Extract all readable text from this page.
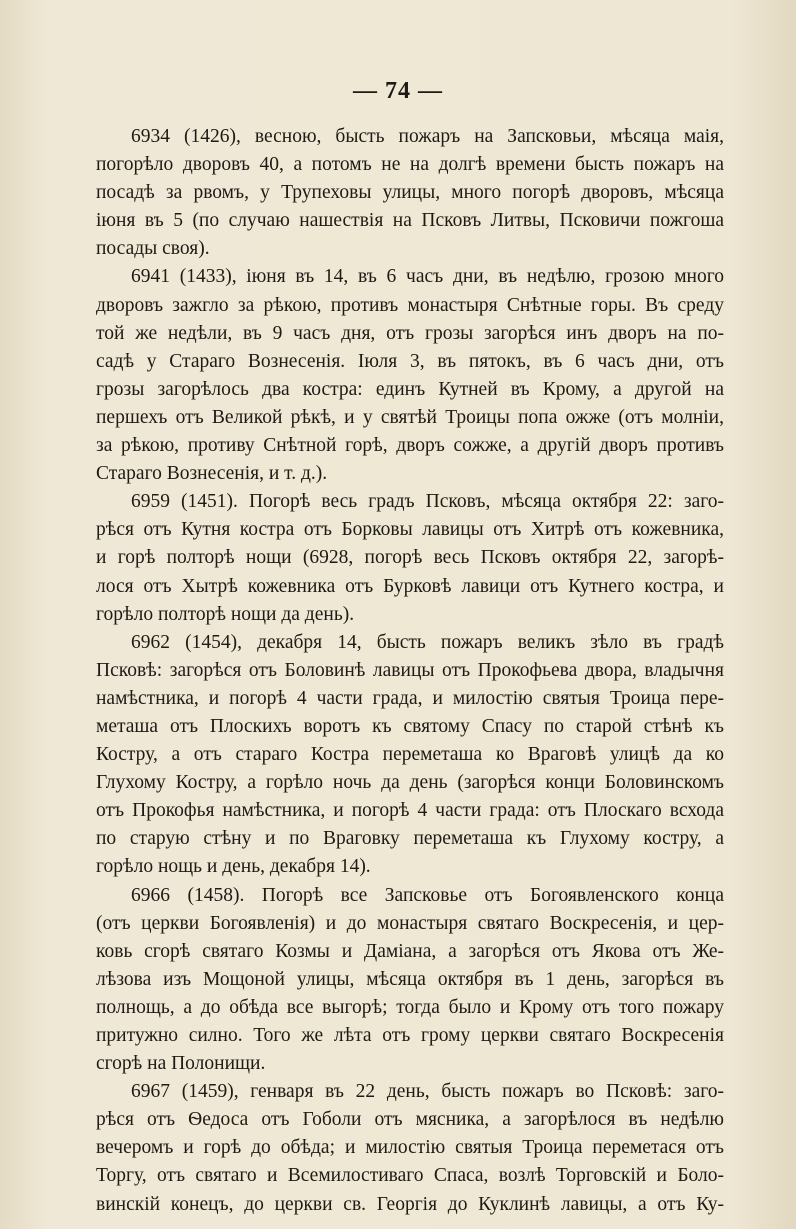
— 74 —
6934 (1426), весною, бысть пожаръ на Запсковьи, мѣсяца маія,
погорѣло дворовъ 40, а потомъ не на долгѣ времени бысть пожаръ на
посадѣ за рвомъ, у Трупеховы улицы, много погорѣ дворовъ, мѣсяца
іюня въ 5 (по случаю нашествія на Псковъ Литвы, Псковичи пожгоша
посады своя).
6941 (1433), іюня въ 14, въ 6 часъ дни, въ недѣлю, грозою много
дворовъ зажгло за рѣкою, противъ монастыря Снѣтные горы. Въ среду
той же недѣли, въ 9 часъ дня, отъ грозы загорѣся инъ дворъ на по-
садѣ у Стараго Вознесенія. Іюля 3, въ пятокъ, въ 6 часъ дни, отъ
грозы загорѣлось два костра: единъ Кутней въ Крому, а другой на
першехъ отъ Великой рѣкѣ, и у святѣй Троицы попа ожже (отъ молніи,
за рѣкою, противу Снѣтной горѣ, дворъ сожже, а другій дворъ противъ
Стараго Вознесенія, и т. д.).
6959 (1451). Погорѣ весь градъ Псковъ, мѣсяца октября 22: заго-
рѣся отъ Кутня костра отъ Борковы лавицы отъ Хитрѣ отъ кожевника,
и горѣ полторѣ нощи (6928, погорѣ весь Псковъ октября 22, загорѣ-
лося отъ Хытрѣ кожевника отъ Бурковѣ лавици отъ Кутнего костра, и
горѣло полторѣ нощи да день).
6962 (1454), декабря 14, бысть пожаръ великъ зѣло въ градѣ
Псковѣ: загорѣся отъ Боловинѣ лавицы отъ Прокофьева двора, владычня
намѣстника, и погорѣ 4 части града, и милостію святыя Троица пере-
меташа отъ Плоскихъ воротъ къ святому Спасу по старой стѣнѣ къ
Костру, а отъ стараго Костра переметаша ко Враговѣ улицѣ да ко
Глухому Костру, а горѣло ночь да день (загорѣся конци Боловинскомъ
отъ Прокофья намѣстника, и погорѣ 4 части града: отъ Плоскаго всхода
по старую стѣну и по Враговку переметаша къ Глухому костру, а
горѣло нощь и день, декабря 14).
6966 (1458). Погорѣ все Запсковье отъ Богоявленского конца
(отъ церкви Богоявленія) и до монастыря святаго Воскресенія, и цер-
ковь сгорѣ святаго Козмы и Даміана, а загорѣся отъ Якова отъ Же-
лѣзова изъ Мощоной улицы, мѣсяца октября въ 1 день, загорѣся въ
полнощь, а до обѣда все выгорѣ; тогда было и Крому отъ того пожару
притужно силно. Того же лѣта отъ грому церкви святаго Воскресенія
сгорѣ на Полонищи.
6967 (1459), генваря въ 22 день, бысть пожаръ во Псковѣ: заго-
рѣся отъ Ѳедоса отъ Гоболи отъ мясника, а загорѣлося въ недѣлю
вечеромъ и горѣ до обѣда; и милостію святыя Троица переметася отъ
Торгу, отъ святаго и Всемилостиваго Спаса, возлѣ Торговскій и Боло-
винскій конецъ, до церкви св. Георгія до Куклинѣ лавицы, а отъ Ку-
